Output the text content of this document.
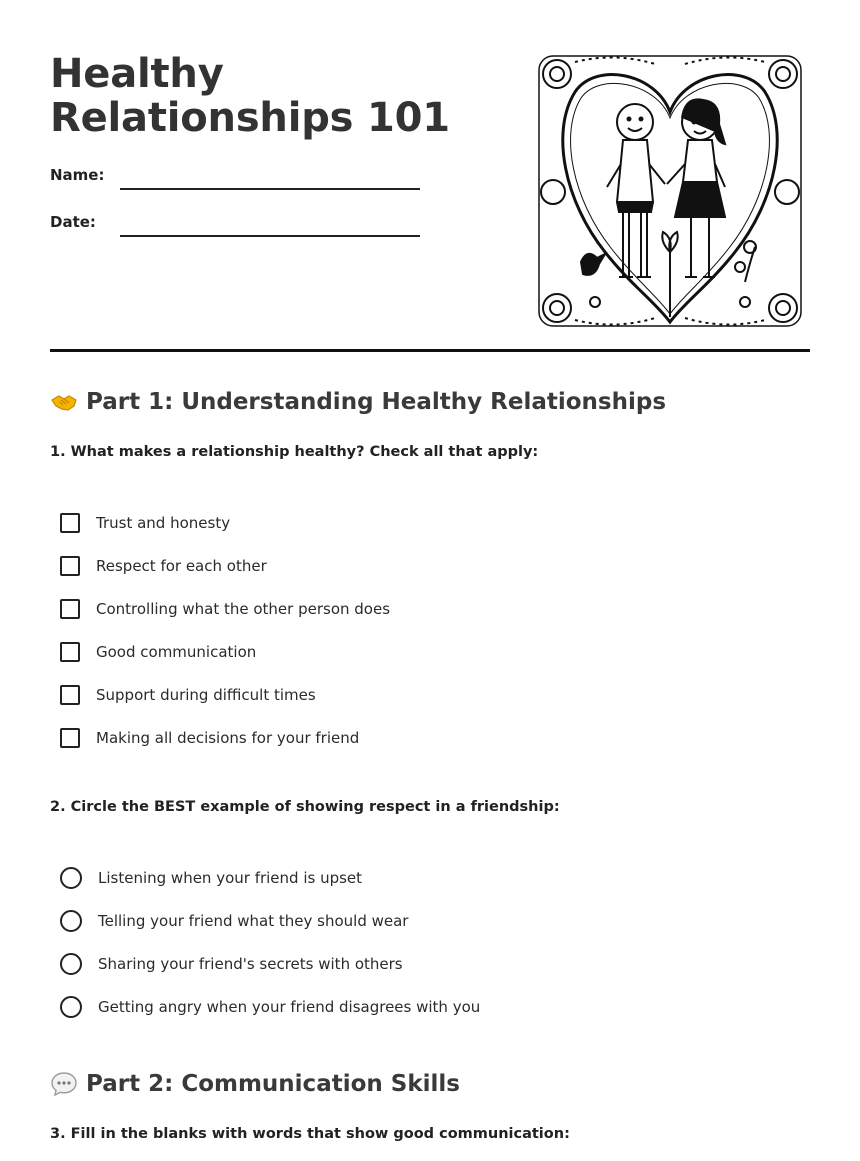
Healthy Relationships 101
Name:
Date:
Part 1: Understanding Healthy Relationships

1. What makes a relationship healthy? Check all that apply:

Trust and honesty
Respect for each other
Controlling what the other person does
Good communication
Support during difficult times
Making all decisions for your friend

2. Circle the BEST example of showing respect in a friendship:

Listening when your friend is upset
Telling your friend what they should wear
Sharing your friend's secrets with others
Getting angry when your friend disagrees with you
Part 2: Communication Skills

3. Fill in the blanks with words that show good communication:
